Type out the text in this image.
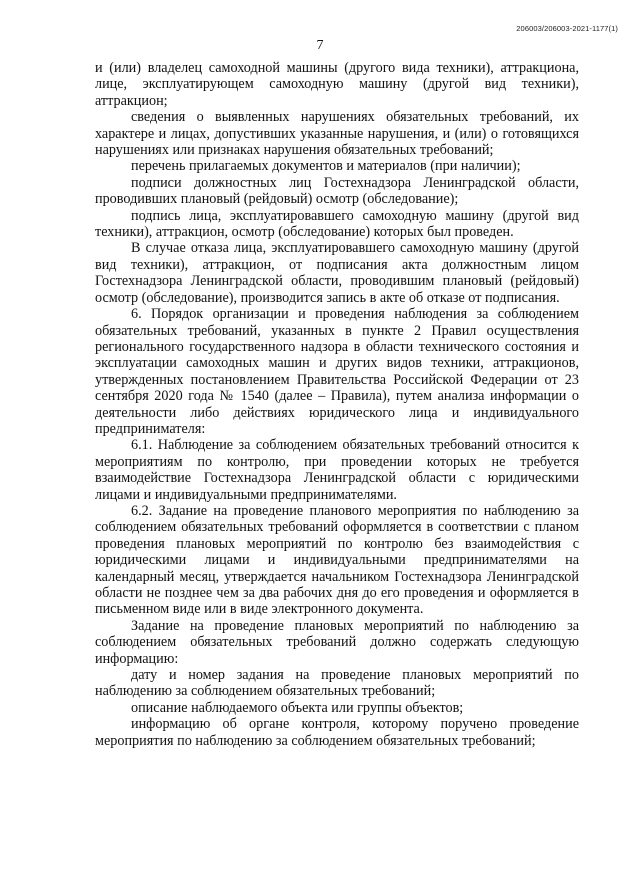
206003/206003-2021-1177(1)
7

и (или) владелец самоходной машины (другого вида техники), аттракциона, лице, эксплуатирующем самоходную машину (другой вид техники), аттракцион;

сведения о выявленных нарушениях обязательных требований, их характере и лицах, допустивших указанные нарушения, и (или) о готовящихся нарушениях или признаках нарушения обязательных требований;

перечень прилагаемых документов и материалов (при наличии);

подписи должностных лиц Гостехнадзора Ленинградской области, проводивших плановый (рейдовый) осмотр (обследование);

подпись лица, эксплуатировавшего самоходную машину (другой вид техники), аттракцион, осмотр (обследование) которых был проведен.

В случае отказа лица, эксплуатировавшего самоходную машину (другой вид техники), аттракцион, от подписания акта должностным лицом Гостехнадзора Ленинградской области, проводившим плановый (рейдовый) осмотр (обследование), производится запись в акте об отказе от подписания.

6. Порядок организации и проведения наблюдения за соблюдением обязательных требований, указанных в пункте 2 Правил осуществления регионального государственного надзора в области технического состояния и эксплуатации самоходных машин и других видов техники, аттракционов, утвержденных постановлением Правительства Российской Федерации от 23 сентября 2020 года № 1540 (далее – Правила), путем анализа информации о деятельности либо действиях юридического лица и индивидуального предпринимателя:

6.1. Наблюдение за соблюдением обязательных требований относится к мероприятиям по контролю, при проведении которых не требуется взаимодействие Гостехнадзора Ленинградской области с юридическими лицами и индивидуальными предпринимателями.

6.2. Задание на проведение планового мероприятия по наблюдению за соблюдением обязательных требований оформляется в соответствии с планом проведения плановых мероприятий по контролю без взаимодействия с юридическими лицами и индивидуальными предпринимателями на календарный месяц, утверждается начальником Гостехнадзора Ленинградской области не позднее чем за два рабочих дня до его проведения и оформляется в письменном виде или в виде электронного документа.

Задание на проведение плановых мероприятий по наблюдению за соблюдением обязательных требований должно содержать следующую информацию:

дату и номер задания на проведение плановых мероприятий по наблюдению за соблюдением обязательных требований;

описание наблюдаемого объекта или группы объектов;

информацию об органе контроля, которому поручено проведение мероприятия по наблюдению за соблюдением обязательных требований;
